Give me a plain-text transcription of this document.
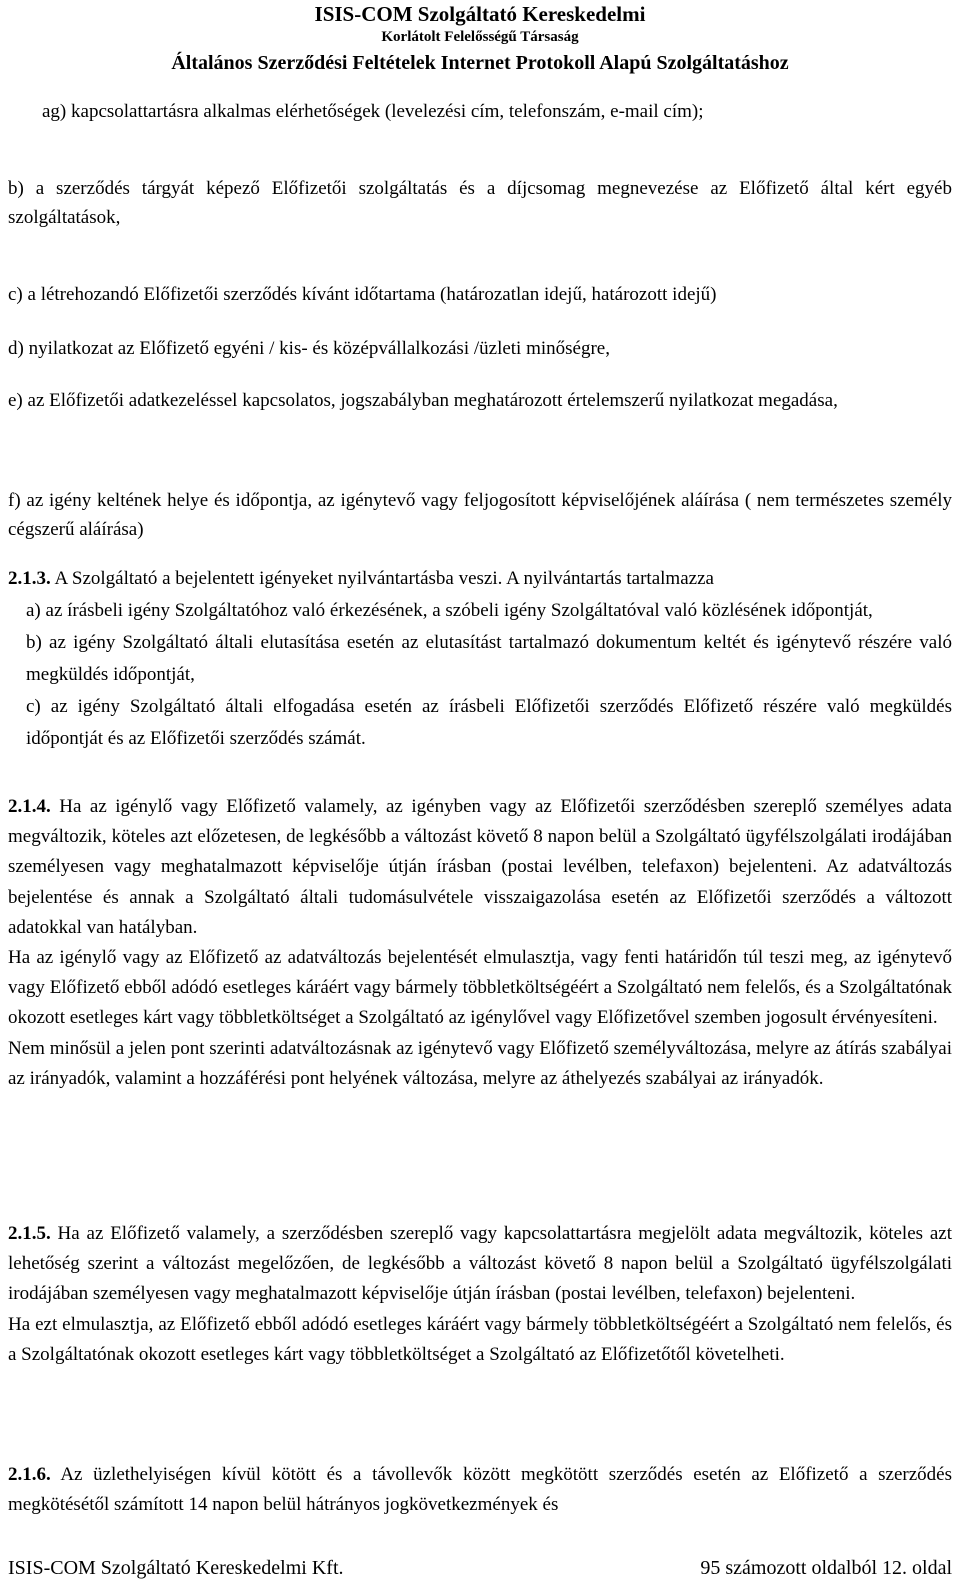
ISIS-COM Szolgáltató Kereskedelmi
Korlátolt Felelősségű Társaság
Általános Szerződési Feltételek Internet Protokoll Alapú Szolgáltatáshoz

ag) kapcsolattartásra alkalmas elérhetőségek (levelezési cím, telefonszám, e-mail cím);

b) a szerződés tárgyát képező Előfizetői szolgáltatás és a díjcsomag megnevezése az Előfizető által kért egyéb szolgáltatások,

c) a létrehozandó Előfizetői szerződés kívánt időtartama (határozatlan idejű, határozott idejű)

d) nyilatkozat az Előfizető egyéni / kis- és középvállalkozási /üzleti minőségre,

e) az Előfizetői adatkezeléssel kapcsolatos, jogszabályban meghatározott értelemszerű nyilatkozat megadása,

f) az igény keltének helye és időpontja, az igénytevő vagy feljogosított képviselőjének aláírása ( nem természetes személy cégszerű aláírása)

2.1.3. A Szolgáltató a bejelentett igényeket nyilvántartásba veszi. A nyilvántartás tartalmazza

a) az írásbeli igény Szolgáltatóhoz való érkezésének, a szóbeli igény Szolgáltatóval való közlésének időpontját,

b) az igény Szolgáltató általi elutasítása esetén az elutasítást tartalmazó dokumentum keltét és igénytevő részére való megküldés időpontját,

c) az igény Szolgáltató általi elfogadása esetén az írásbeli Előfizetői szerződés Előfizető részére való megküldés időpontját és az Előfizetői szerződés számát.

2.1.4. Ha az igénylő vagy Előfizető valamely, az igényben vagy az Előfizetői szerződésben szereplő személyes adata megváltozik, köteles azt előzetesen, de legkésőbb a változást követő 8 napon belül a Szolgáltató ügyfélszolgálati irodájában személyesen vagy meghatalmazott képviselője útján írásban (postai levélben, telefaxon) bejelenteni. Az adatváltozás bejelentése és annak a Szolgáltató általi tudomásulvétele visszaigazolása esetén az Előfizetői szerződés a változott adatokkal van hatályban.

Ha az igénylő vagy az Előfizető az adatváltozás bejelentését elmulasztja, vagy fenti határidőn túl teszi meg, az igénytevő vagy Előfizető ebből adódó esetleges káráért vagy bármely többletköltségéért a Szolgáltató nem felelős, és a Szolgáltatónak okozott esetleges kárt vagy többletköltséget a Szolgáltató az igénylővel vagy Előfizetővel szemben jogosult érvényesíteni.

Nem minősül a jelen pont szerinti adatváltozásnak az igénytevő vagy Előfizető személyváltozása, melyre az átírás szabályai az irányadók, valamint a hozzáférési pont helyének változása, melyre az áthelyezés szabályai az irányadók.

2.1.5. Ha az Előfizető valamely, a szerződésben szereplő vagy kapcsolattartásra megjelölt adata megváltozik, köteles azt lehetőség szerint a változást megelőzően, de legkésőbb a változást követő 8 napon belül a Szolgáltató ügyfélszolgálati irodájában személyesen vagy meghatalmazott képviselője útján írásban (postai levélben, telefaxon) bejelenteni.

Ha ezt elmulasztja, az Előfizető ebből adódó esetleges káráért vagy bármely többletköltségéért a Szolgáltató nem felelős, és a Szolgáltatónak okozott esetleges kárt vagy többletköltséget a Szolgáltató az Előfizetőtől követelheti.

2.1.6. Az üzlethelyiségen kívül kötött és a távollevők között megkötött szerződés esetén az Előfizető a szerződés megkötésétől számított 14 napon belül hátrányos jogkövetkezmények és

ISIS-COM Szolgáltató Kereskedelmi Kft.	95 számozott oldalból 12. oldal
